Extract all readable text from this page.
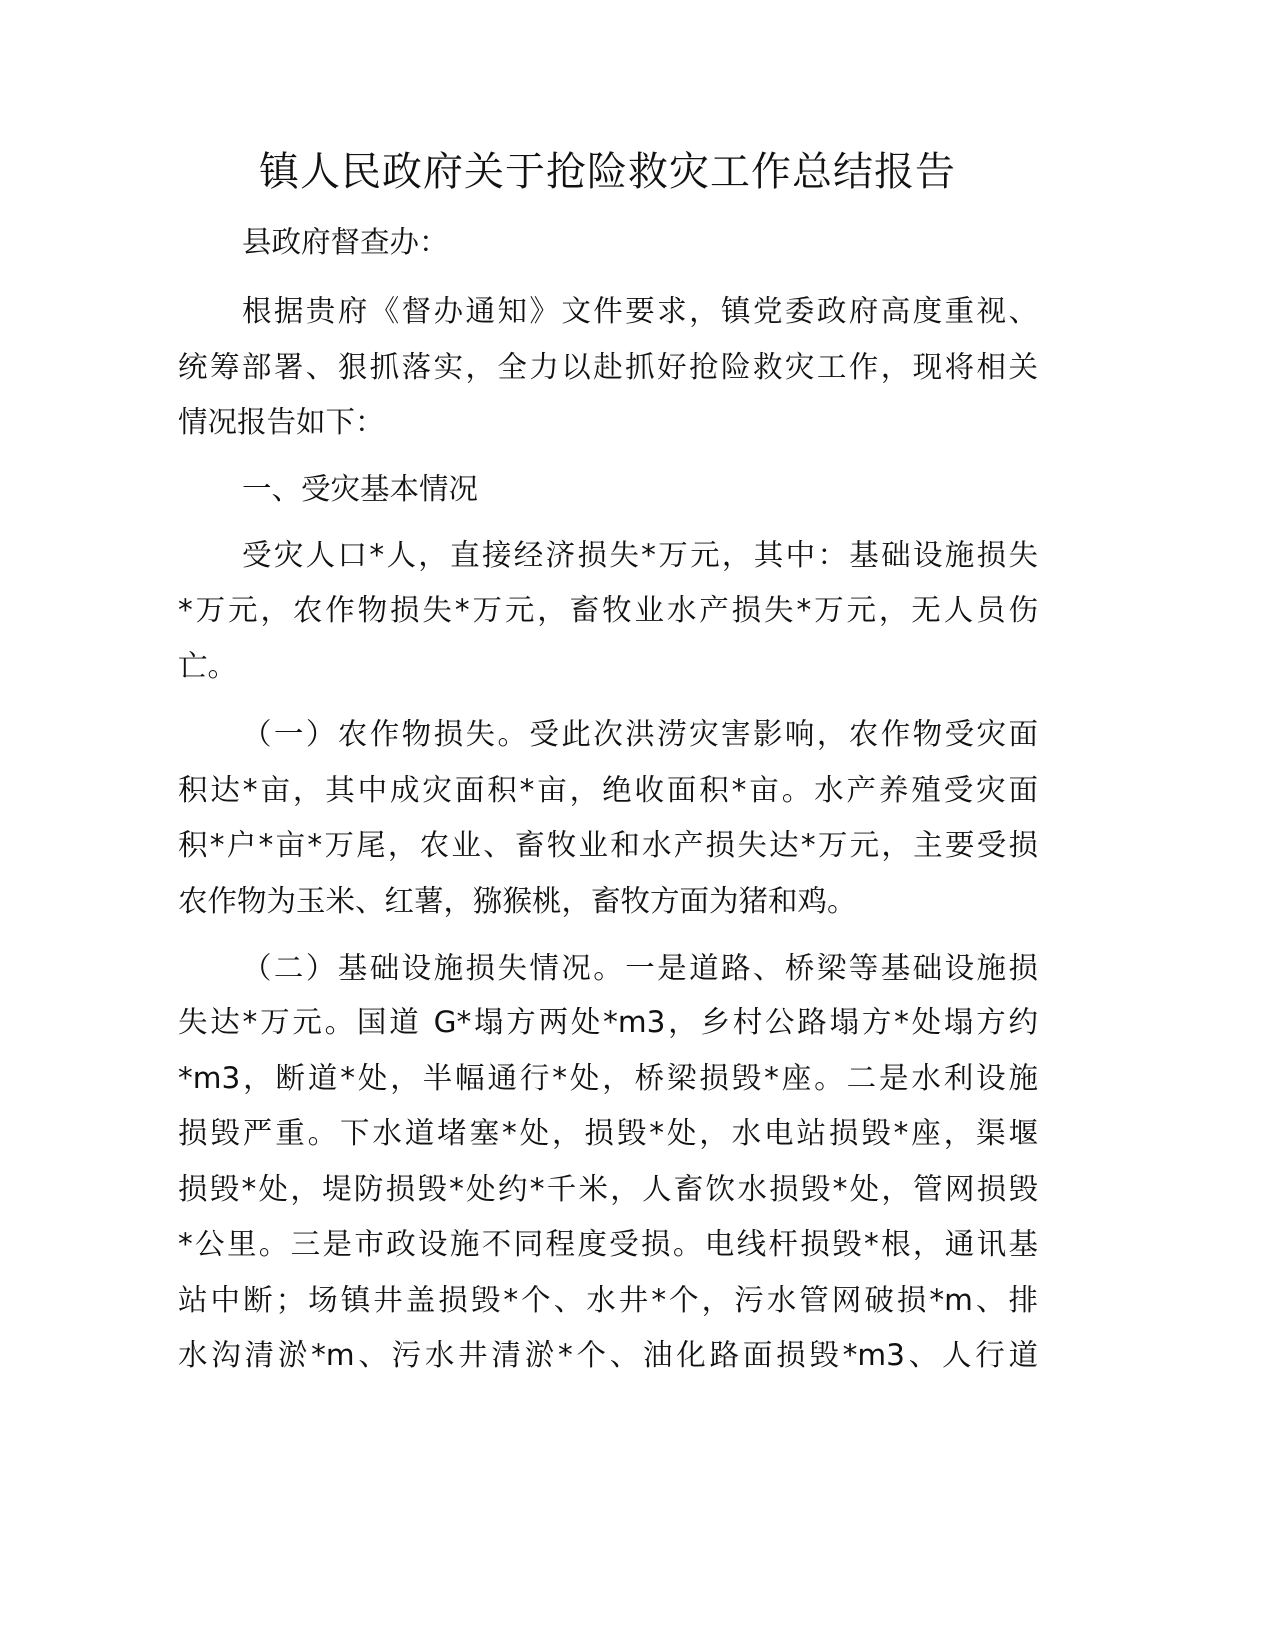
镇人民政府关于抢险救灾工作总结报告
县政府督查办：
根据贵府《督办通知》文件要求，镇党委政府高度重视、
统筹部署、狠抓落实，全力以赴抓好抢险救灾工作，现将相关
情况报告如下：
一、受灾基本情况
受灾人口*人，直接经济损失*万元，其中：基础设施损失
*万元，农作物损失*万元，畜牧业水产损失*万元，无人员伤
亡。
（一）农作物损失。受此次洪涝灾害影响，农作物受灾面
积达*亩，其中成灾面积*亩，绝收面积*亩。水产养殖受灾面
积*户*亩*万尾，农业、畜牧业和水产损失达*万元，主要受损
农作物为玉米、红薯，猕猴桃，畜牧方面为猪和鸡。
（二）基础设施损失情况。一是道路、桥梁等基础设施损
失达*万元。国道 G*塌方两处*m3，乡村公路塌方*处塌方约
*m3，断道*处，半幅通行*处，桥梁损毁*座。二是水利设施
损毁严重。下水道堵塞*处，损毁*处，水电站损毁*座，渠堰
损毁*处，堤防损毁*处约*千米，人畜饮水损毁*处，管网损毁
*公里。三是市政设施不同程度受损。电线杆损毁*根，通讯基
站中断；场镇井盖损毁*个、水井*个，污水管网破损*m、排
水沟清淤*m、污水井清淤*个、油化路面损毁*m3、人行道
